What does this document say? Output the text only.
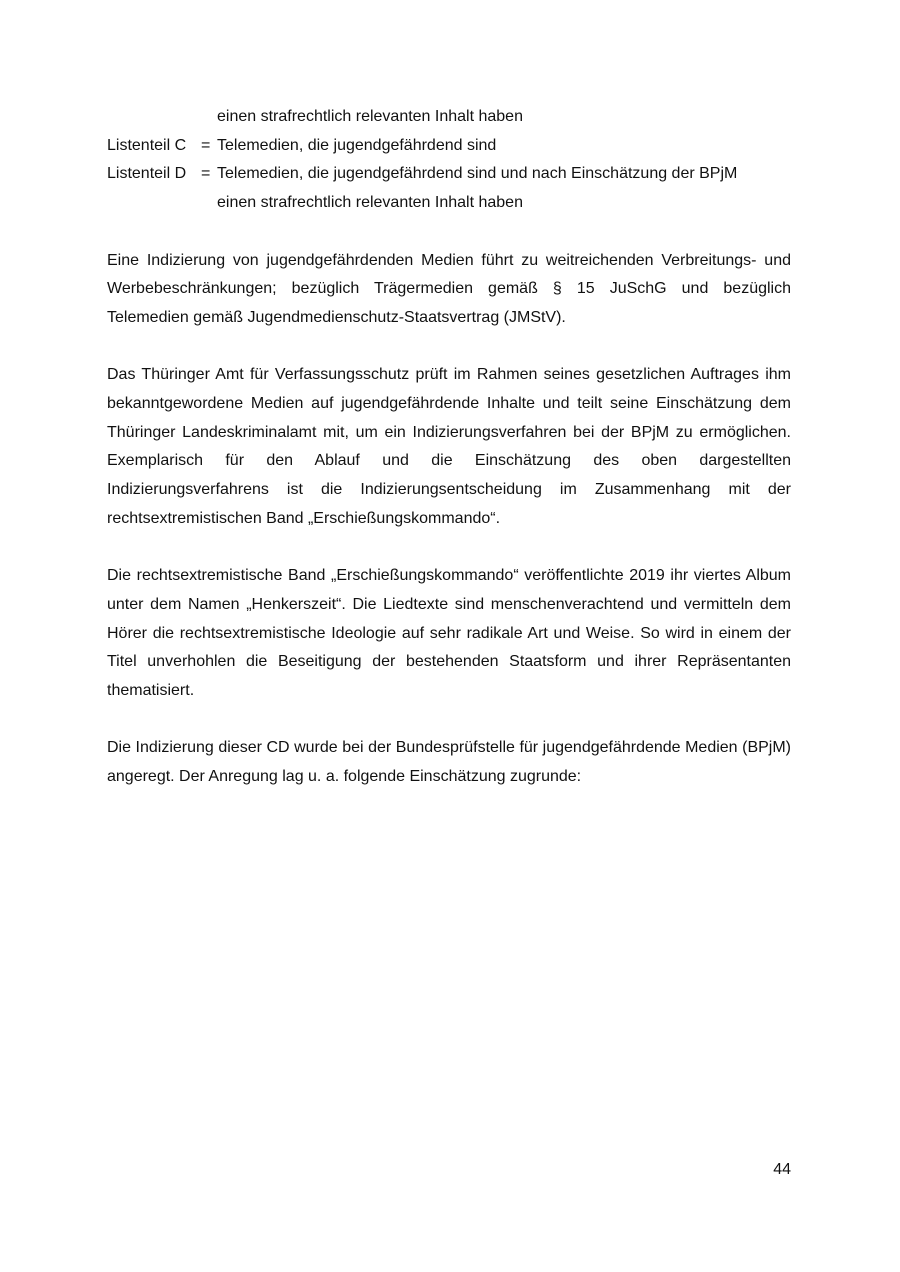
einen strafrechtlich relevanten Inhalt haben
Listenteil C = Telemedien, die jugendgefährdend sind
Listenteil D = Telemedien, die jugendgefährdend sind und nach Einschätzung der BPjM
einen strafrechtlich relevanten Inhalt haben

Eine Indizierung von jugendgefährdenden Medien führt zu weitreichenden Verbreitungs- und Werbebeschränkungen; bezüglich Trägermedien gemäß § 15 JuSchG und bezüglich Telemedien gemäß Jugendmedienschutz-Staatsvertrag (JMStV).

Das Thüringer Amt für Verfassungsschutz prüft im Rahmen seines gesetzlichen Auftrages ihm bekanntgewordene Medien auf jugendgefährdende Inhalte und teilt seine Einschätzung dem Thüringer Landeskriminalamt mit, um ein Indizierungsverfahren bei der BPjM zu ermöglichen. Exemplarisch für den Ablauf und die Einschätzung des oben dargestellten Indizierungsverfahrens ist die Indizierungsentscheidung im Zusammenhang mit der rechtsextremistischen Band „Erschießungskommando“.

Die rechtsextremistische Band „Erschießungskommando“ veröffentlichte 2019 ihr viertes Album unter dem Namen „Henkerszeit“. Die Liedtexte sind menschenverachtend und vermitteln dem Hörer die rechtsextremistische Ideologie auf sehr radikale Art und Weise. So wird in einem der Titel unverhohlen die Beseitigung der bestehenden Staatsform und ihrer Repräsentanten thematisiert.

Die Indizierung dieser CD wurde bei der Bundesprüfstelle für jugendgefährdende Medien (BPjM) angeregt. Der Anregung lag u. a. folgende Einschätzung zugrunde:

44
